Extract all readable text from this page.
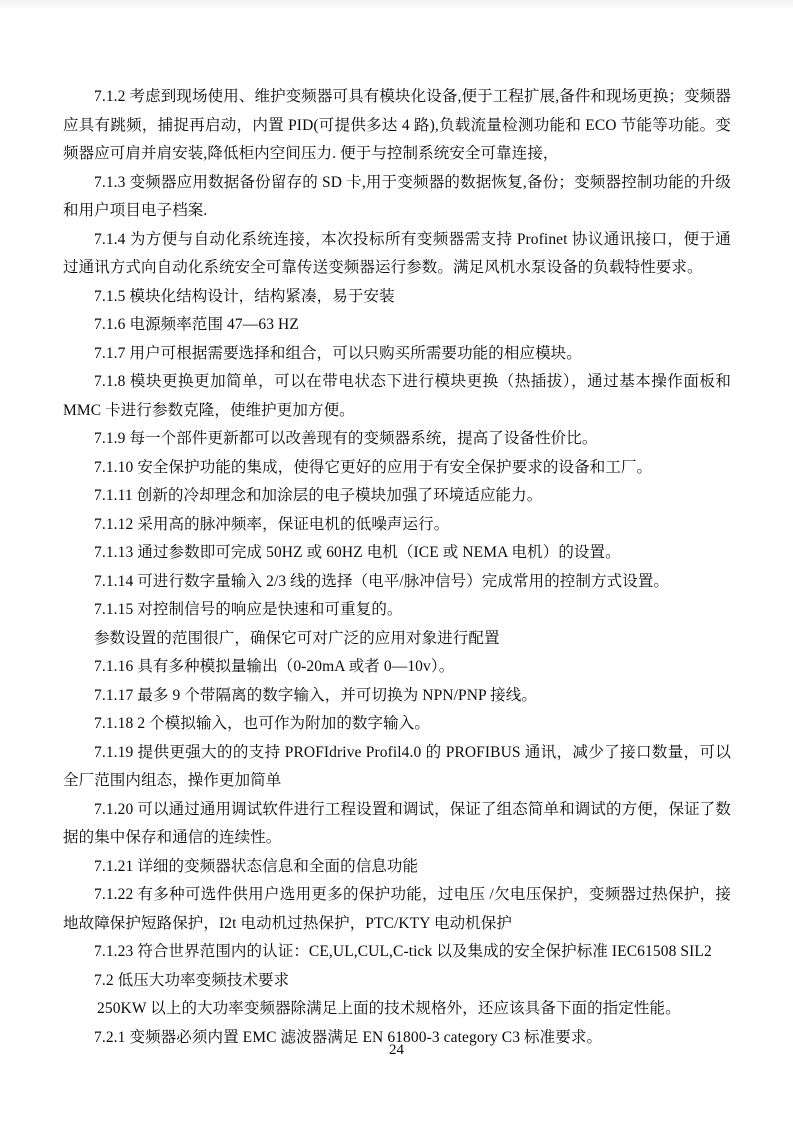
7.1.2 考虑到现场使用、维护变频器可具有模块化设备,便于工程扩展,备件和现场更换；变频器应具有跳频，捕捉再启动，内置 PID(可提供多达 4 路),负载流量检测功能和 ECO 节能等功能。变频器应可肩并肩安装,降低柜内空间压力. 便于与控制系统安全可靠连接，

7.1.3 变频器应用数据备份留存的 SD 卡,用于变频器的数据恢复,备份；变频器控制功能的升级和用户项目电子档案.

7.1.4 为方便与自动化系统连接，本次投标所有变频器需支持 Profinet 协议通讯接口，便于通过通讯方式向自动化系统安全可靠传送变频器运行参数。满足风机水泵设备的负载特性要求。

7.1.5 模块化结构设计，结构紧凑，易于安装

7.1.6 电源频率范围 47—63 HZ

7.1.7 用户可根据需要选择和组合，可以只购买所需要功能的相应模块。

7.1.8 模块更换更加简单，可以在带电状态下进行模块更换（热插拔），通过基本操作面板和 MMC 卡进行参数克隆，使维护更加方便。

7.1.9 每一个部件更新都可以改善现有的变频器系统，提高了设备性价比。

7.1.10 安全保护功能的集成，使得它更好的应用于有安全保护要求的设备和工厂。

7.1.11 创新的冷却理念和加涂层的电子模块加强了环境适应能力。

7.1.12 采用高的脉冲频率，保证电机的低噪声运行。

7.1.13 通过参数即可完成 50HZ 或 60HZ 电机（ICE 或 NEMA 电机）的设置。

7.1.14 可进行数字量输入 2/3 线的选择（电平/脉冲信号）完成常用的控制方式设置。

7.1.15 对控制信号的响应是快速和可重复的。

参数设置的范围很广，确保它可对广泛的应用对象进行配置

7.1.16 具有多种模拟量输出（0-20mA 或者 0—10v）。

7.1.17 最多 9 个带隔离的数字输入，并可切换为 NPN/PNP 接线。

7.1.18 2 个模拟输入，也可作为附加的数字输入。

7.1.19 提供更强大的的支持 PROFIdrive Profil4.0 的 PROFIBUS 通讯，减少了接口数量，可以全厂范围内组态，操作更加简单

7.1.20 可以通过通用调试软件进行工程设置和调试，保证了组态简单和调试的方便，保证了数据的集中保存和通信的连续性。

7.1.21 详细的变频器状态信息和全面的信息功能

7.1.22 有多种可选件供用户选用更多的保护功能，过电压 /欠电压保护，变频器过热保护，接地故障保护短路保护，I2t 电动机过热保护，PTC/KTY 电动机保护

7.1.23 符合世界范围内的认证：CE,UL,CUL,C-tick 以及集成的安全保护标准 IEC61508 SIL2

7.2 低压大功率变频技术要求

250KW 以上的大功率变频器除满足上面的技术规格外，还应该具备下面的指定性能。

7.2.1 变频器必须内置 EMC 滤波器满足 EN 61800-3 category C3 标准要求。

24
